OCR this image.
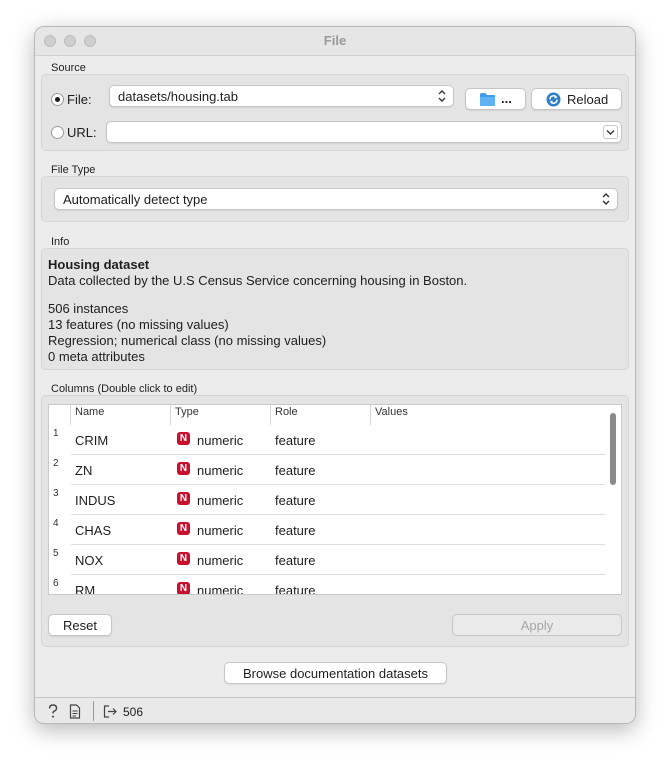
File
Source
File: datasets/housing.tab	...	Reload
URL:
File Type
Automatically detect type
Info
Housing dataset
Data collected by the U.S Census Service concerning housing in Boston.
506 instances
13 features (no missing values)
Regression; numerical class (no missing values)
0 meta attributes
Columns (Double click to edit)
Name	Type	Role	Values
1	CRIM	N numeric feature
2	ZN	N numeric feature
3	INDUS	N numeric feature
4	CHAS	N numeric feature
5	NOX	N numeric feature
6	RM	N numeric feature
Reset	Apply
Browse documentation datasets
506
